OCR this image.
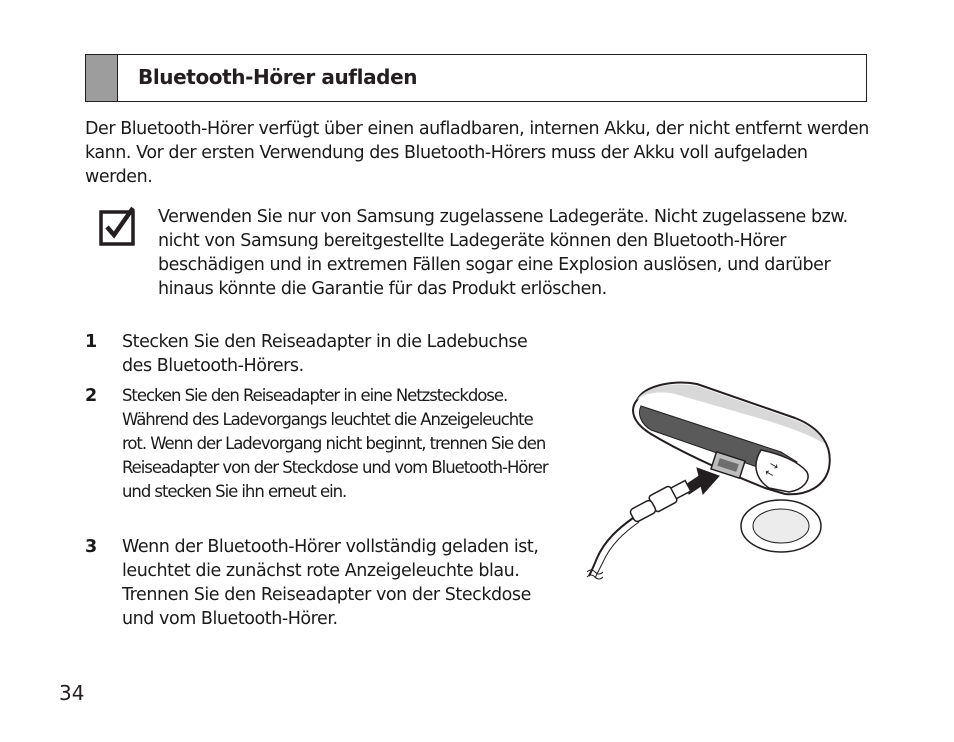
Bluetooth-Hörer aufladen

Der Bluetooth-Hörer verfügt über einen aufladbaren, internen Akku, der nicht entfernt werden kann. Vor der ersten Verwendung des Bluetooth-Hörers muss der Akku voll aufgeladen werden.

Verwenden Sie nur von Samsung zugelassene Ladegeräte. Nicht zugelassene bzw. nicht von Samsung bereitgestellte Ladegeräte können den Bluetooth-Hörer beschädigen und in extremen Fällen sogar eine Explosion auslösen, und darüber hinaus könnte die Garantie für das Produkt erlöschen.

1 Stecken Sie den Reiseadapter in die Ladebuchse des Bluetooth-Hörers.

2 Stecken Sie den Reiseadapter in eine Netzsteckdose. Während des Ladevorgangs leuchtet die Anzeigeleuchte rot. Wenn der Ladevorgang nicht beginnt, trennen Sie den Reiseadapter von der Steckdose und vom Bluetooth-Hörer und stecken Sie ihn erneut ein.

3 Wenn der Bluetooth-Hörer vollständig geladen ist, leuchtet die zunächst rote Anzeigeleuchte blau. Trennen Sie den Reiseadapter von der Steckdose und vom Bluetooth-Hörer.

↑↓
34
